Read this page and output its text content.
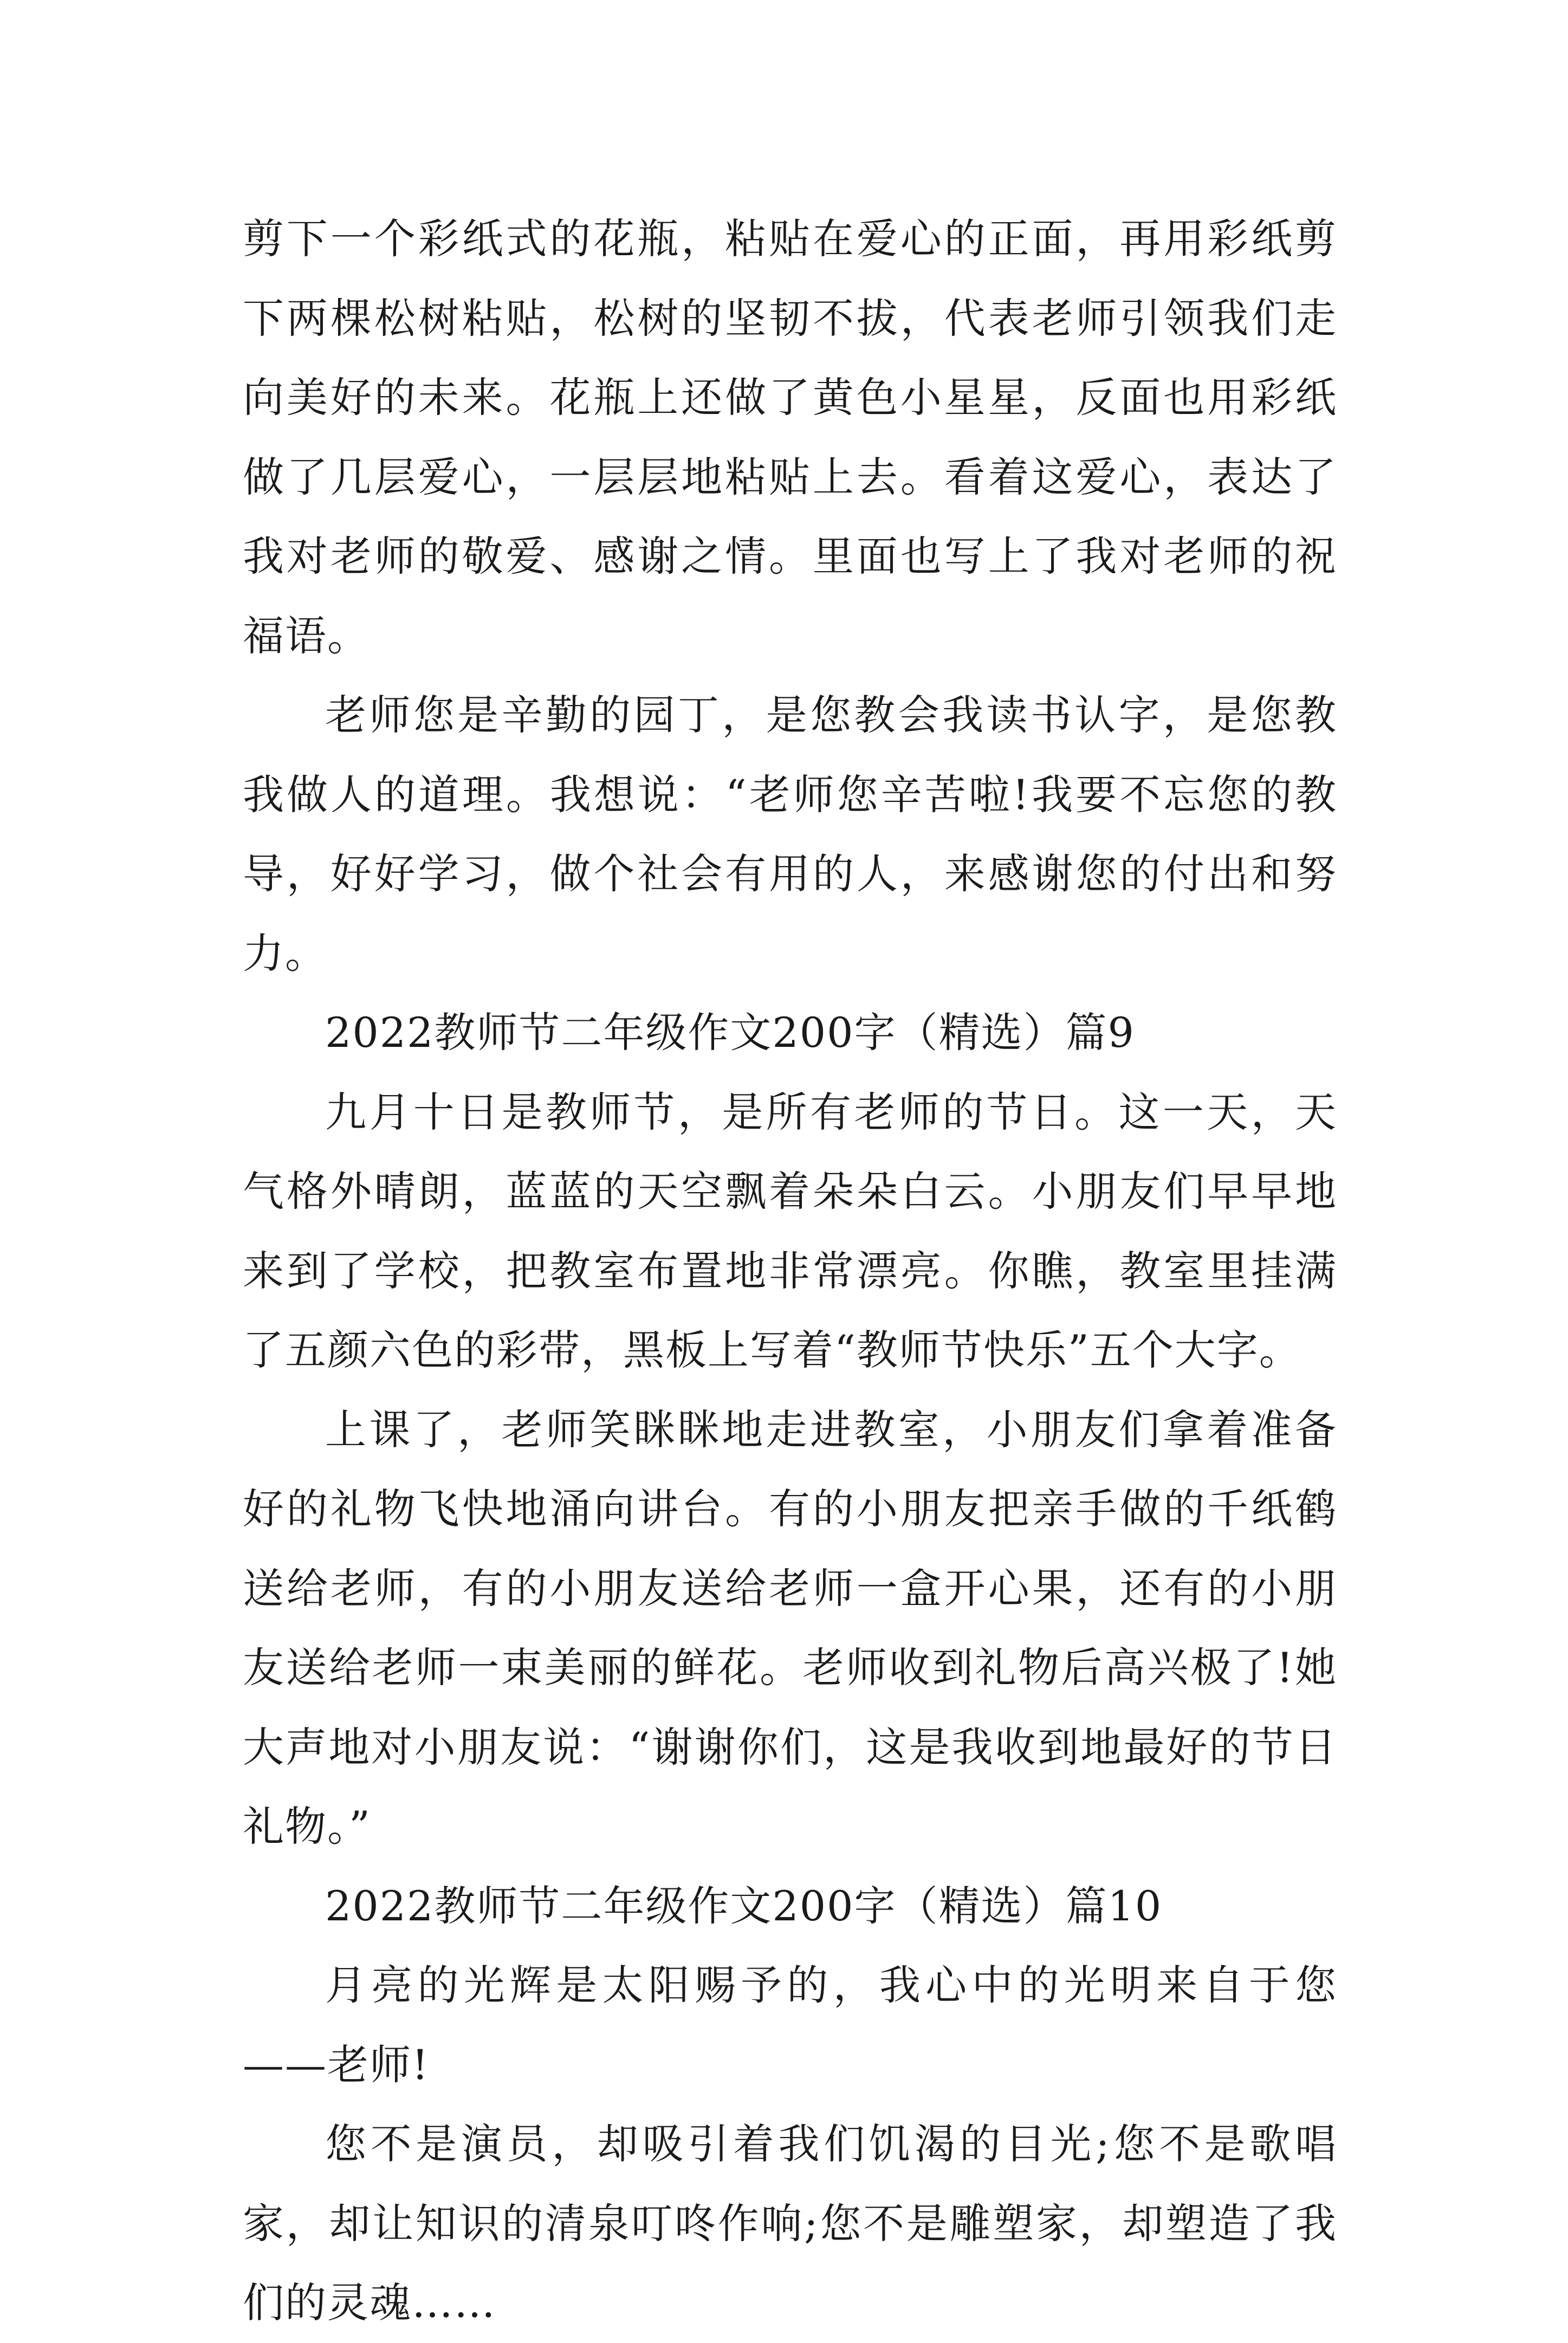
剪下一个彩纸式的花瓶，粘贴在爱心的正面，再用彩纸剪下两棵松树粘贴，松树的坚韧不拔，代表老师引领我们走向美好的未来。花瓶上还做了黄色小星星，反面也用彩纸做了几层爱心，一层层地粘贴上去。看着这爱心，表达了我对老师的敬爱、感谢之情。里面也写上了我对老师的祝福语。

老师您是辛勤的园丁，是您教会我读书认字，是您教我做人的道理。我想说：“老师您辛苦啦!我要不忘您的教导，好好学习，做个社会有用的人，来感谢您的付出和努力。

2022教师节二年级作文200字（精选）篇9

九月十日是教师节，是所有老师的节日。这一天，天气格外晴朗，蓝蓝的天空飘着朵朵白云。小朋友们早早地来到了学校，把教室布置地非常漂亮。你瞧，教室里挂满了五颜六色的彩带，黑板上写着“教师节快乐”五个大字。

上课了，老师笑眯眯地走进教室，小朋友们拿着准备好的礼物飞快地涌向讲台。有的小朋友把亲手做的千纸鹤送给老师，有的小朋友送给老师一盒开心果，还有的小朋友送给老师一束美丽的鲜花。老师收到礼物后高兴极了!她大声地对小朋友说：“谢谢你们，这是我收到地最好的节日礼物。”

2022教师节二年级作文200字（精选）篇10

月亮的光辉是太阳赐予的，我心中的光明来自于您——老师!

您不是演员，却吸引着我们饥渴的目光;您不是歌唱家，却让知识的清泉叮咚作响;您不是雕塑家，却塑造了我们的灵魂……
